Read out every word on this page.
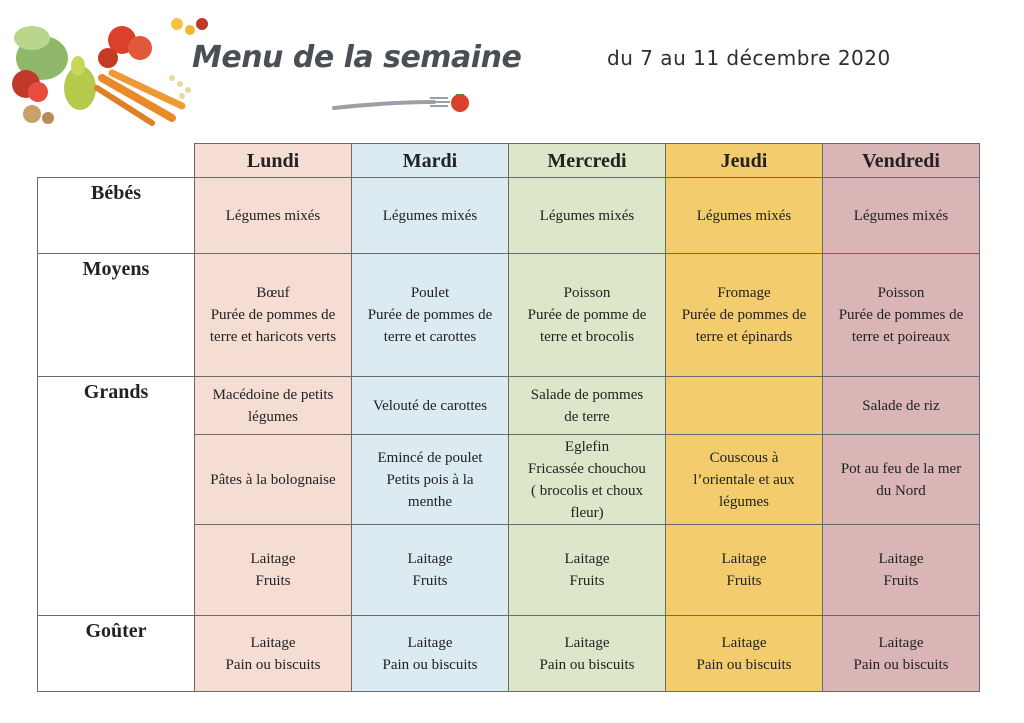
Menu de la semaine	du 7 au 11 décembre 2020
	Lundi	Mardi	Mercredi	Jeudi	Vendredi
Bébés	Légumes mixés	Légumes mixés	Légumes mixés	Légumes mixés	Légumes mixés

Moyens	Bœuf
Purée de pommes de
terre et haricots verts	Poulet
Purée de pommes de
terre et carottes	Poisson
Purée de pomme de
terre et brocolis	Fromage
Purée de pommes de
terre et épinards	Poisson
Purée de pommes de
terre et poireaux

Grands	Macédoine de petits
légumes	Velouté de carottes	Salade de pommes
de terre		Salade de riz

	Pâtes à la bolognaise	Emincé de poulet
Petits pois à la
menthe	Eglefin
Fricassée chouchou
( brocolis et choux
fleur)	Couscous à
l’orientale et aux
légumes	Pot au feu de la mer
du Nord

	Laitage
Fruits	Laitage
Fruits	Laitage
Fruits	Laitage
Fruits	Laitage
Fruits

Goûter	Laitage
Pain ou biscuits	Laitage
Pain ou biscuits	Laitage
Pain ou biscuits	Laitage
Pain ou biscuits	Laitage
Pain ou biscuits
